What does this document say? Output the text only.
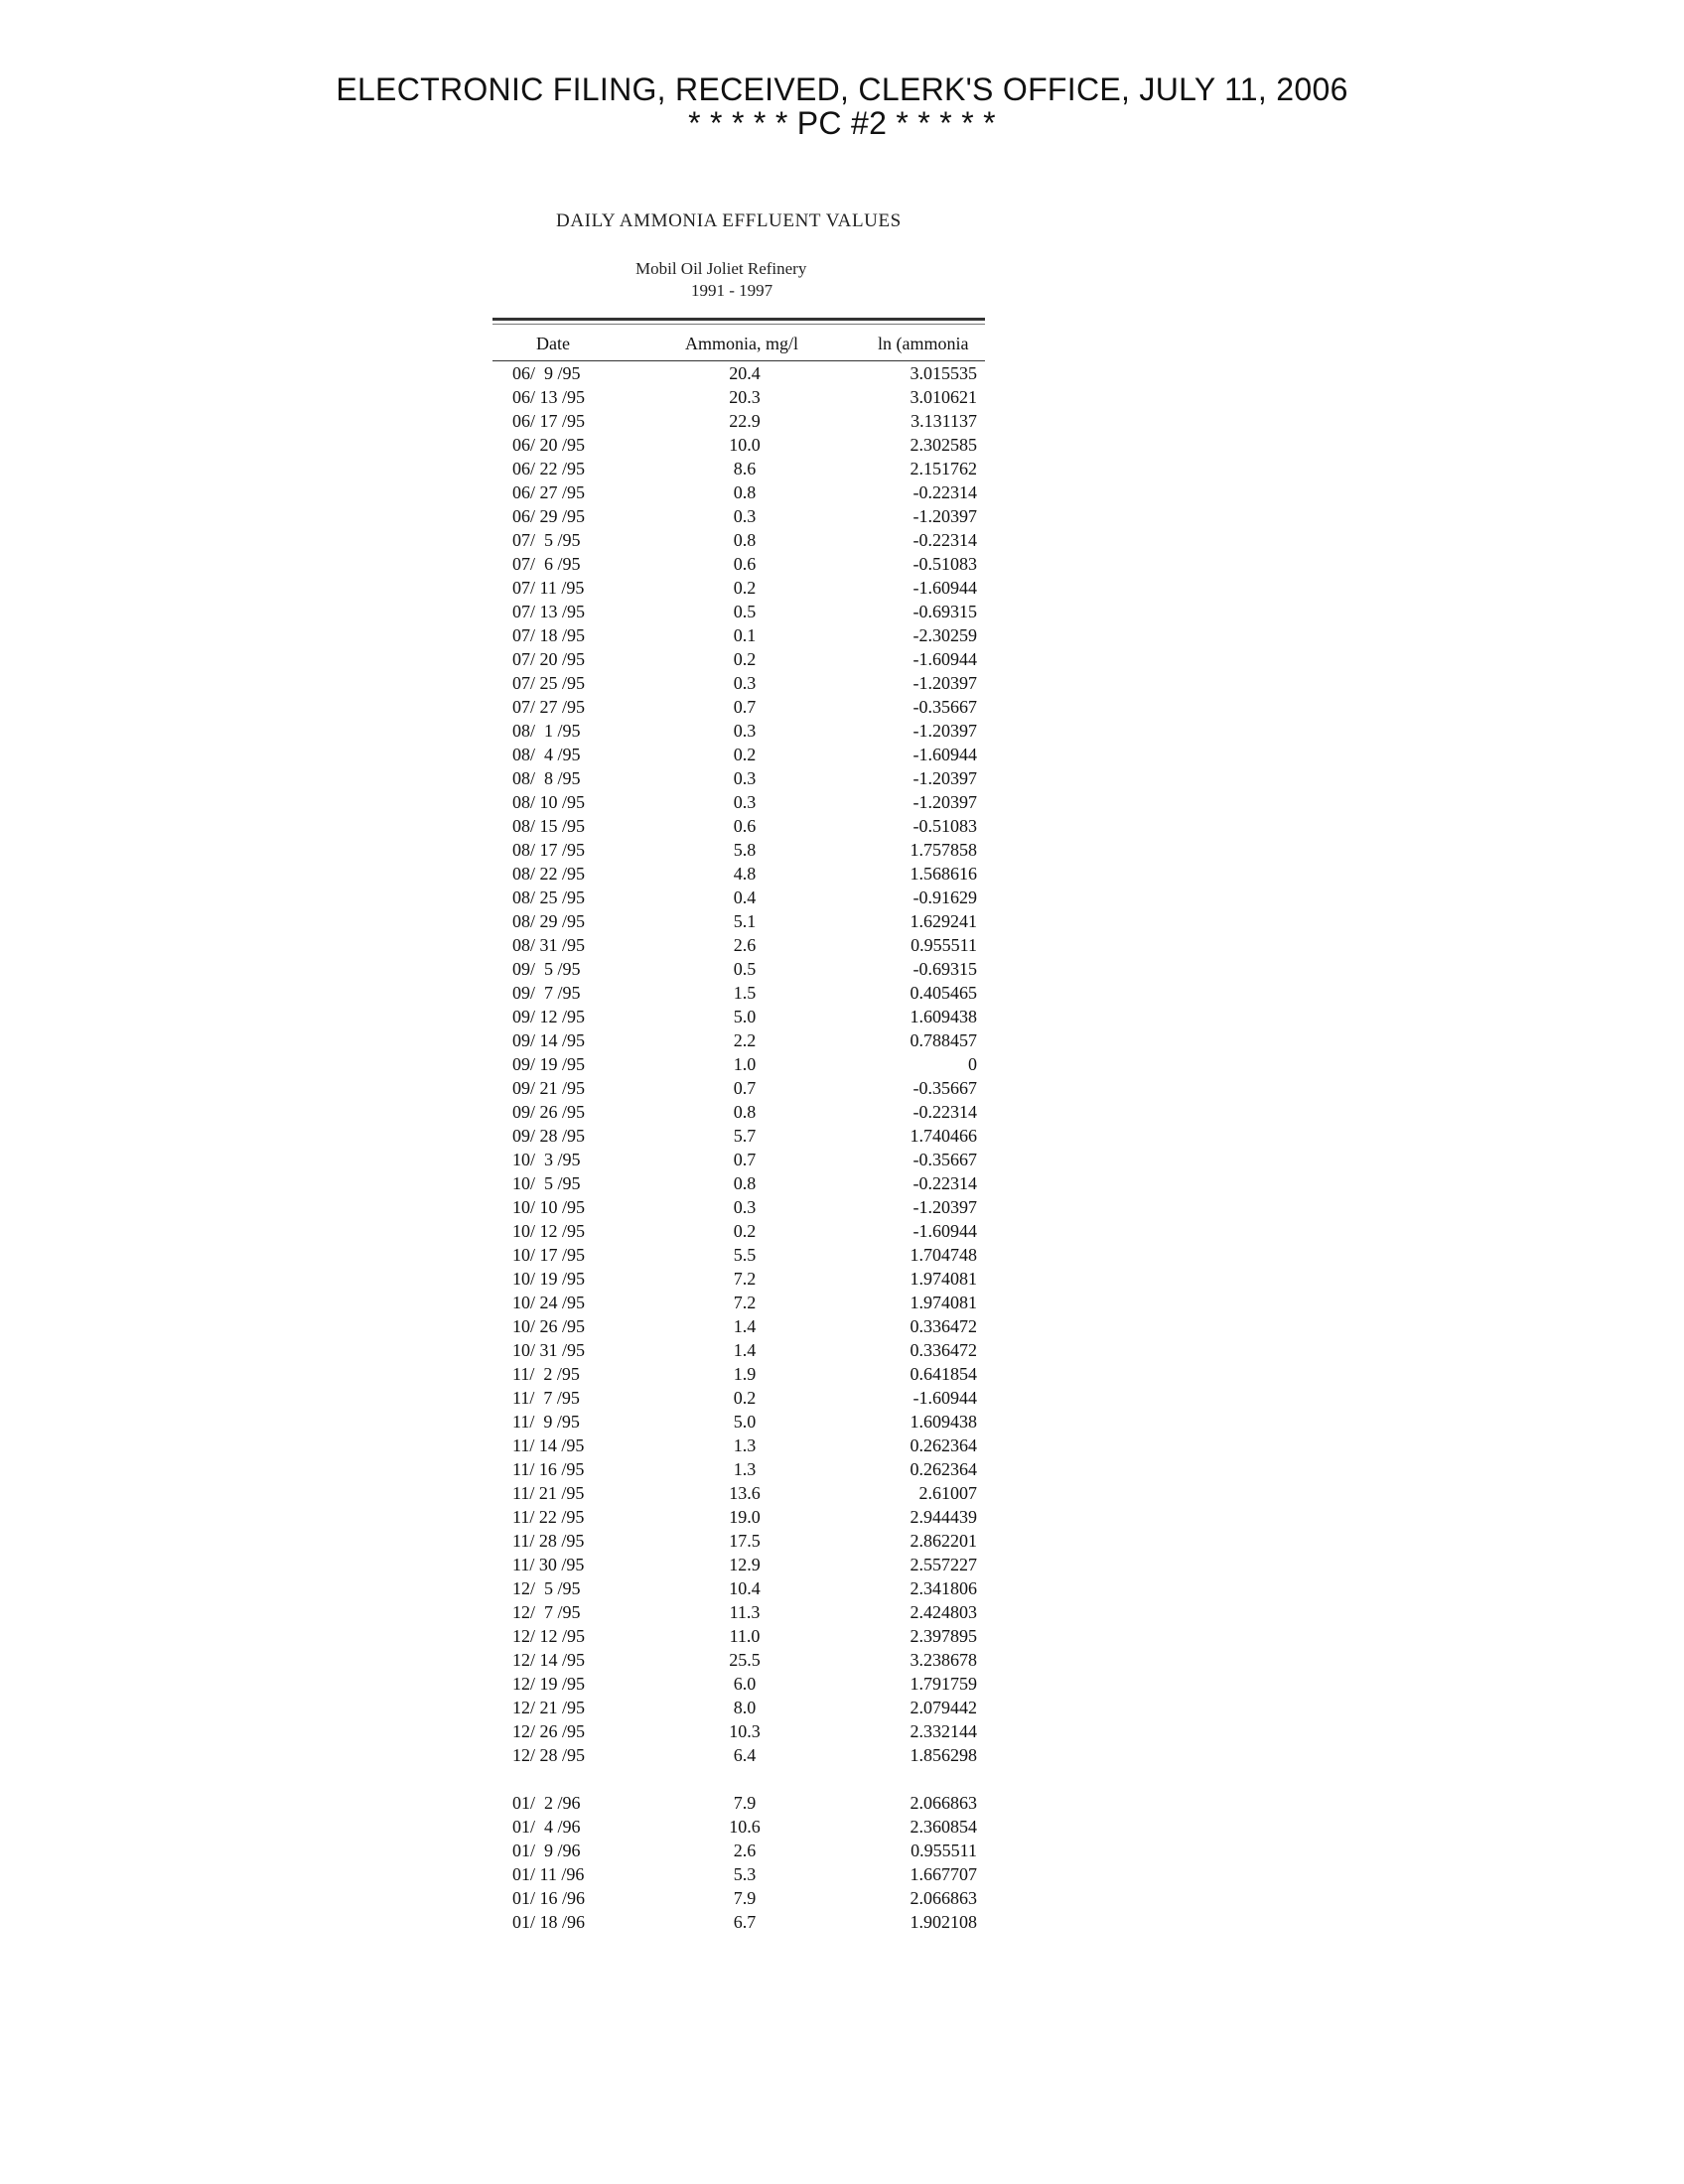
ELECTRONIC FILING, RECEIVED, CLERK'S OFFICE, JULY 11, 2006
* * * * * PC #2 * * * * *
DAILY AMMONIA EFFLUENT VALUES
Mobil Oil Joliet Refinery
1991 - 1997
Date	Ammonia, mg/l	ln (ammonia
06/  9 /95	20.4	3.015535
06/ 13 /95	20.3	3.010621
06/ 17 /95	22.9	3.131137
06/ 20 /95	10.0	2.302585
06/ 22 /95	8.6	2.151762
06/ 27 /95	0.8	-0.22314
06/ 29 /95	0.3	-1.20397
07/  5 /95	0.8	-0.22314
07/  6 /95	0.6	-0.51083
07/ 11 /95	0.2	-1.60944
07/ 13 /95	0.5	-0.69315
07/ 18 /95	0.1	-2.30259
07/ 20 /95	0.2	-1.60944
07/ 25 /95	0.3	-1.20397
07/ 27 /95	0.7	-0.35667
08/  1 /95	0.3	-1.20397
08/  4 /95	0.2	-1.60944
08/  8 /95	0.3	-1.20397
08/ 10 /95	0.3	-1.20397
08/ 15 /95	0.6	-0.51083
08/ 17 /95	5.8	1.757858
08/ 22 /95	4.8	1.568616
08/ 25 /95	0.4	-0.91629
08/ 29 /95	5.1	1.629241
08/ 31 /95	2.6	0.955511
09/  5 /95	0.5	-0.69315
09/  7 /95	1.5	0.405465
09/ 12 /95	5.0	1.609438
09/ 14 /95	2.2	0.788457
09/ 19 /95	1.0	0
09/ 21 /95	0.7	-0.35667
09/ 26 /95	0.8	-0.22314
09/ 28 /95	5.7	1.740466
10/  3 /95	0.7	-0.35667
10/  5 /95	0.8	-0.22314
10/ 10 /95	0.3	-1.20397
10/ 12 /95	0.2	-1.60944
10/ 17 /95	5.5	1.704748
10/ 19 /95	7.2	1.974081
10/ 24 /95	7.2	1.974081
10/ 26 /95	1.4	0.336472
10/ 31 /95	1.4	0.336472
11/  2 /95	1.9	0.641854
11/  7 /95	0.2	-1.60944
11/  9 /95	5.0	1.609438
11/ 14 /95	1.3	0.262364
11/ 16 /95	1.3	0.262364
11/ 21 /95	13.6	2.61007
11/ 22 /95	19.0	2.944439
11/ 28 /95	17.5	2.862201
11/ 30 /95	12.9	2.557227
12/  5 /95	10.4	2.341806
12/  7 /95	11.3	2.424803
12/ 12 /95	11.0	2.397895
12/ 14 /95	25.5	3.238678
12/ 19 /95	6.0	1.791759
12/ 21 /95	8.0	2.079442
12/ 26 /95	10.3	2.332144
12/ 28 /95	6.4	1.856298
01/  2 /96	7.9	2.066863
01/  4 /96	10.6	2.360854
01/  9 /96	2.6	0.955511
01/ 11 /96	5.3	1.667707
01/ 16 /96	7.9	2.066863
01/ 18 /96	6.7	1.902108
